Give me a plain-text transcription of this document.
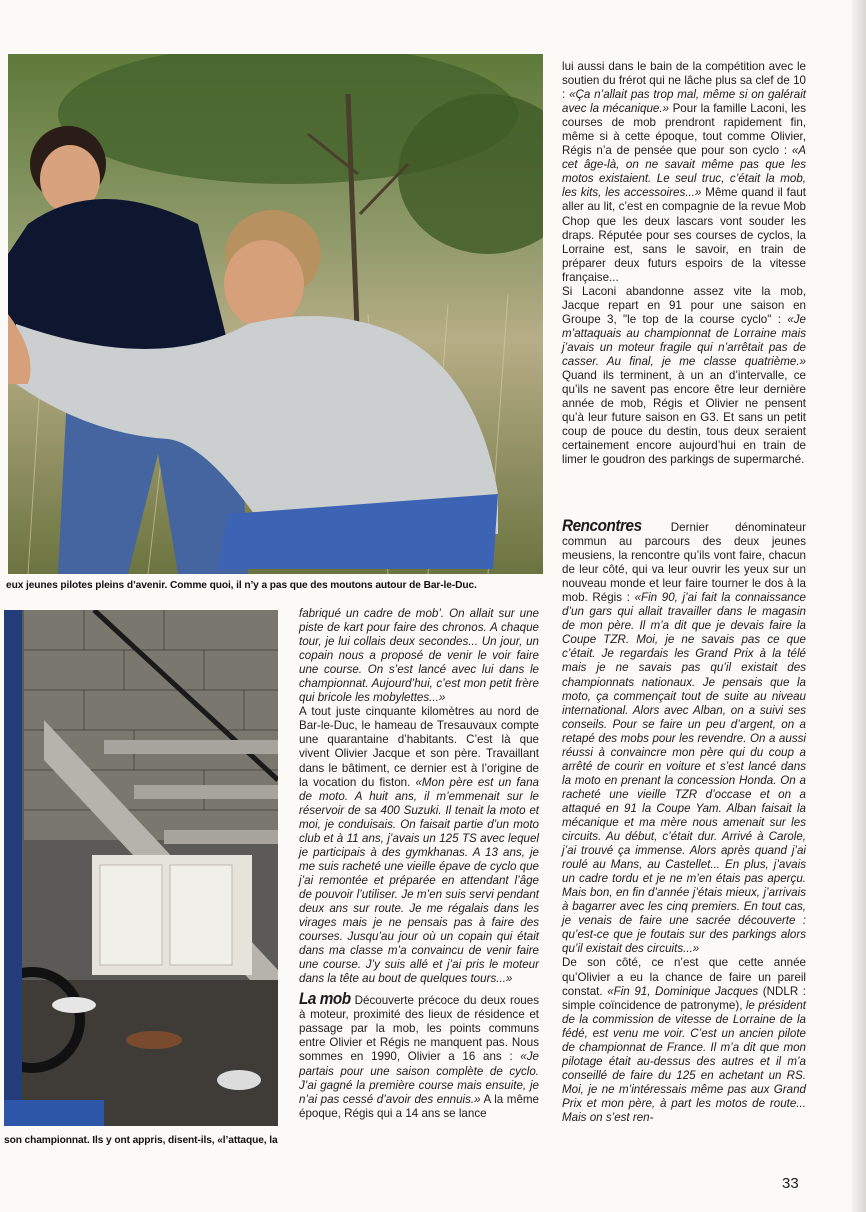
eux jeunes pilotes pleins d’avenir. Comme quoi, il n’y a pas que des moutons autour de Bar-le-Duc.
son championnat. Ils y ont appris, disent-ils, «l’attaque, la

lui aussi dans le bain de la compétition avec le soutien du frérot qui ne lâche plus sa clef de 10 : «Ça n’allait pas trop mal, même si on galérait avec la mécanique.» Pour la famille Laconi, les courses de mob prendront rapidement fin, même si à cette époque, tout comme Olivier, Régis n’a de pensée que pour son cyclo : «A cet âge-là, on ne savait même pas que les motos existaient. Le seul truc, c’était la mob, les kits, les accessoires...» Même quand il faut aller au lit, c’est en compagnie de la revue Mob Chop que les deux lascars vont souder les draps. Réputée pour ses courses de cyclos, la Lorraine est, sans le savoir, en train de préparer deux futurs espoirs de la vitesse française...

Si Laconi abandonne assez vite la mob, Jacque repart en 91 pour une saison en Groupe 3, "le top de la course cyclo" : «Je m’attaquais au championnat de Lorraine mais j’avais un moteur fragile qui n’arrêtait pas de casser. Au final, je me classe quatrième.» Quand ils terminent, à un an d’intervalle, ce qu’ils ne savent pas encore être leur dernière année de mob, Régis et Olivier ne pensent qu’à leur future saison en G3. Et sans un petit coup de pouce du destin, tous deux seraient certainement encore aujourd’hui en train de limer le goudron des parkings de supermarché.

Rencontres Dernier dénominateur commun au parcours des deux jeunes meusiens, la rencontre qu’ils vont faire, chacun de leur côté, qui va leur ouvrir les yeux sur un nouveau monde et leur faire tourner le dos à la mob. Régis : «Fin 90, j’ai fait la connaissance d’un gars qui allait travailler dans le magasin de mon père. Il m’a dit que je devais faire la Coupe TZR. Moi, je ne savais pas ce que c’était. Je regardais les Grand Prix à la télé mais je ne savais pas qu’il existait des championnats nationaux. Je pensais que la moto, ça commençait tout de suite au niveau international. Alors avec Alban, on a suivi ses conseils. Pour se faire un peu d’argent, on a retapé des mobs pour les revendre. On a aussi réussi à convaincre mon père qui du coup a arrêté de courir en voiture et s’est lancé dans la moto en prenant la concession Honda. On a racheté une vieille TZR d’occase et on a attaqué en 91 la Coupe Yam. Alban faisait la mécanique et ma mère nous amenait sur les circuits. Au début, c’était dur. Arrivé à Carole, j’ai trouvé ça immense. Alors après quand j’ai roulé au Mans, au Castellet... En plus, j’avais un cadre tordu et je ne m’en étais pas aperçu. Mais bon, en fin d’année j’étais mieux, j’arrivais à bagarrer avec les cinq premiers. En tout cas, je venais de faire une sacrée découverte : qu’est-ce que je foutais sur des parkings alors qu’il existait des circuits...»

De son côté, ce n’est que cette année qu’Olivier a eu la chance de faire un pareil constat. «Fin 91, Dominique Jacques (NDLR : simple coïncidence de patronyme), le président de la commission de vitesse de Lorraine de la fédé, est venu me voir. C’est un ancien pilote de championnat de France. Il m’a dit que mon pilotage était au-dessus des autres et il m’a conseillé de faire du 125 en achetant un RS. Moi, je ne m’intéressais même pas aux Grand Prix et mon père, à part les motos de route... Mais on s’est ren-

fabriqué un cadre de mob’. On allait sur une piste de kart pour faire des chronos. A chaque tour, je lui collais deux secondes... Un jour, un copain nous a proposé de venir le voir faire une course. On s’est lancé avec lui dans le championnat. Aujourd’hui, c’est mon petit frère qui bricole les mobylettes...»

A tout juste cinquante kilomètres au nord de Bar-le-Duc, le hameau de Tresauvaux compte une quarantaine d’habitants. C’est là que vivent Olivier Jacque et son père. Travaillant dans le bâtiment, ce dernier est à l’origine de la vocation du fiston. «Mon père est un fana de moto. A huit ans, il m’emmenait sur le réservoir de sa 400 Suzuki. Il tenait la moto et moi, je conduisais. On faisait partie d’un moto club et à 11 ans, j’avais un 125 TS avec lequel je participais à des gymkhanas. A 13 ans, je me suis racheté une vieille épave de cyclo que j’ai remontée et préparée en attendant l’âge de pouvoir l’utiliser. Je m’en suis servi pendant deux ans sur route. Je me régalais dans les virages mais je ne pensais pas à faire des courses. Jusqu’au jour où un copain qui était dans ma classe m’a convaincu de venir faire une course. J’y suis allé et j’ai pris le moteur dans la tête au bout de quelques tours...»

La mob Découverte précoce du deux roues à moteur, proximité des lieux de résidence et passage par la mob, les points communs entre Olivier et Régis ne manquent pas. Nous sommes en 1990, Olivier a 16 ans : «Je partais pour une saison complète de cyclo. J’ai gagné la première course mais ensuite, je n’ai pas cessé d’avoir des ennuis.» A la même époque, Régis qui a 14 ans se lance

33
